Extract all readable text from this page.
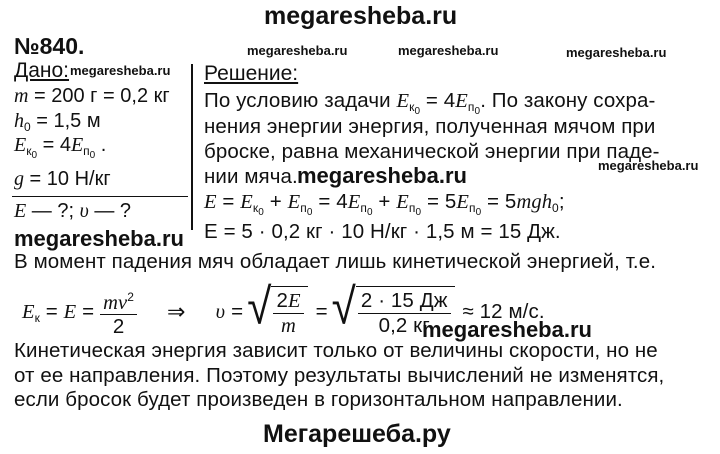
megaresheba.ru
№840.	megaresheba.ru	megaresheba.ru	megaresheba.ru
megaresheba.ru
megaresheba.ru
Дано:
m = 200 г = 0,2 кг
$h_0 = 1,5$ м
$E_{к_0} = 4E_{п_0}$ .
g = 10 Н/кг
E — ?; υ — ?
Решение:
По условию задачи $E_{к_0} = 4E_{п_0}$. По закону сохра-
нения энергии энергия, полученная мячом при
броске, равна механической энергии при паде-
нии мяча. megaresheba.ru
$E = E_{к_0} + E_{п_0} = 4E_{п_0} + E_{п_0} = 5E_{п_0} = 5mgh_0$;
E = 5 · 0,2 кг · 10 Н/кг · 1,5 м = 15 Дж.
megaresheba.ru
В момент падения мяч обладает лишь кинетической энергией, т.е.
$E_к = E = \frac{mv^2}{2}$ ⇒ υ = √ $\frac{2E}{m}$ = √ $\frac{2 \cdot 15 Дж}{0,2 кг} \approx 12$ м/с.
megaresheba.ru
Кинетическая энергия зависит только от величины скорости, но не
от ее направления. Поэтому результаты вычислений не изменятся,
если бросок будет произведен в горизонтальном направлении.
Мегарешеба.ру
